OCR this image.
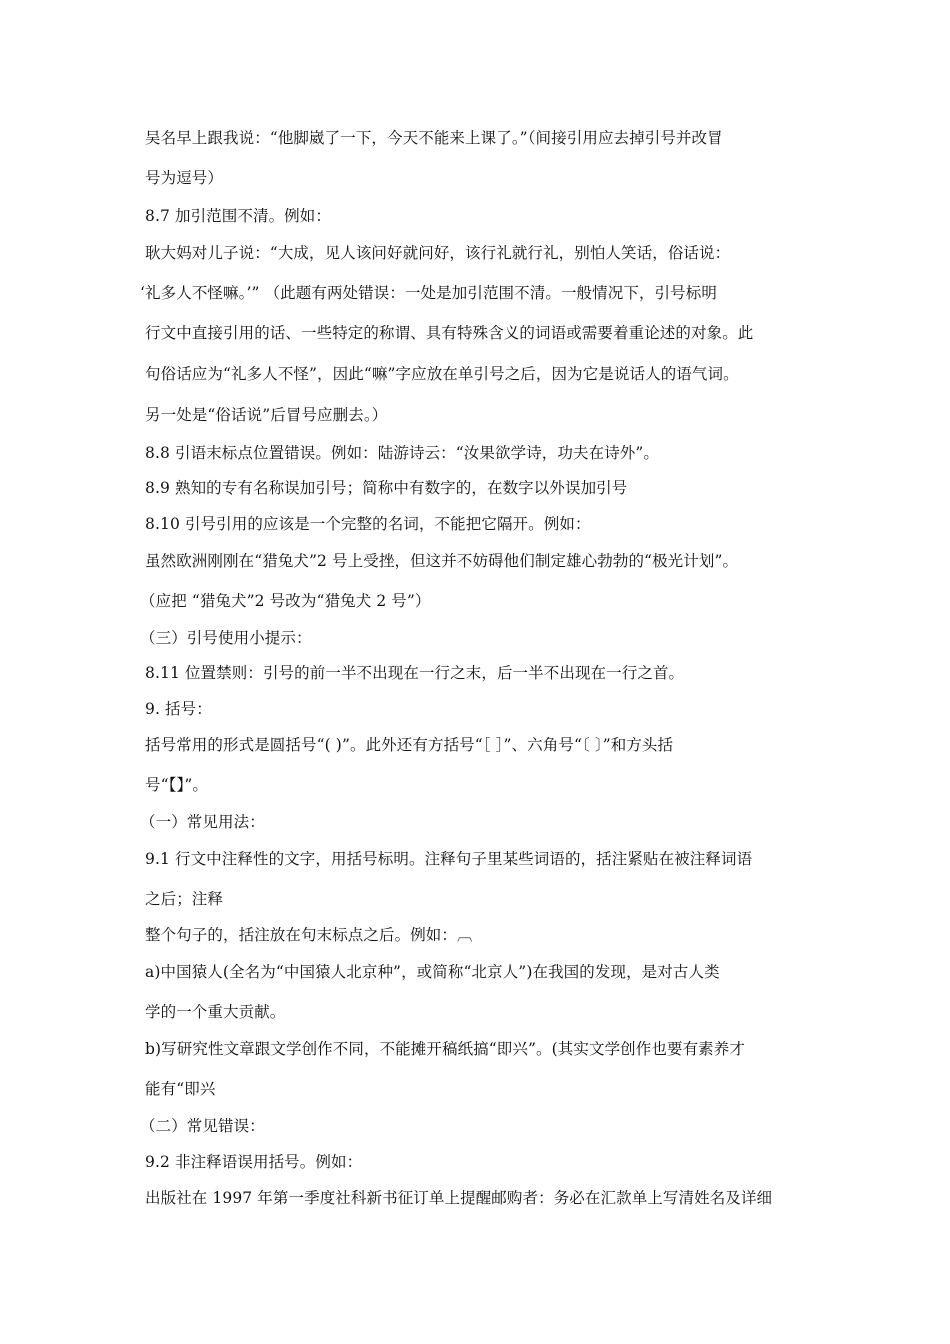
吴名早上跟我说：“他脚崴了一下，今天不能来上课了。”（间接引用应去掉引号并改冒
号为逗号）
8.7 加引范围不清。例如：
耿大妈对儿子说：“大成，见人该问好就问好，该行礼就行礼，别怕人笑话，俗话说：
‘礼多人不怪嘛。’” （此题有两处错误：一处是加引范围不清。一般情况下，引号标明
行文中直接引用的话、一些特定的称谓、具有特殊含义的词语或需要着重论述的对象。此
句俗话应为“礼多人不怪”，因此“嘛”字应放在单引号之后，因为它是说话人的语气词。
另一处是“俗话说”后冒号应删去。）
8.8 引语末标点位置错误。例如：陆游诗云：“汝果欲学诗，功夫在诗外”。
8.9 熟知的专有名称误加引号；简称中有数字的，在数字以外误加引号
8.10 引号引用的应该是一个完整的名词，不能把它隔开。例如：
虽然欧洲刚刚在“猎兔犬”2 号上受挫，但这并不妨碍他们制定雄心勃勃的“极光计划”。
（应把 “猎兔犬”2 号改为“猎兔犬 2 号”）
（三）引号使用小提示：
8.11 位置禁则：引号的前一半不出现在一行之末，后一半不出现在一行之首。
9. 括号：
括号常用的形式是圆括号“( )”。此外还有方括号“［ ］”、六角号“〔 〕”和方头括
号“【】”。
（一）常见用法：
9.1 行文中注释性的文字，用括号标明。注释句子里某些词语的，括注紧贴在被注释词语
之后；注释
整个句子的，括注放在句末标点之后。例如：︹
a)中国猿人(全名为“中国猿人北京种”，或简称“北京人”)在我国的发现，是对古人类
学的一个重大贡献。
b)写研究性文章跟文学创作不同，不能摊开稿纸搞“即兴”。(其实文学创作也要有素养才
能有“即兴
（二）常见错误：
9.2 非注释语误用括号。例如：
出版社在 1997 年第一季度社科新书征订单上提醒邮购者：务必在汇款单上写清姓名及详细
